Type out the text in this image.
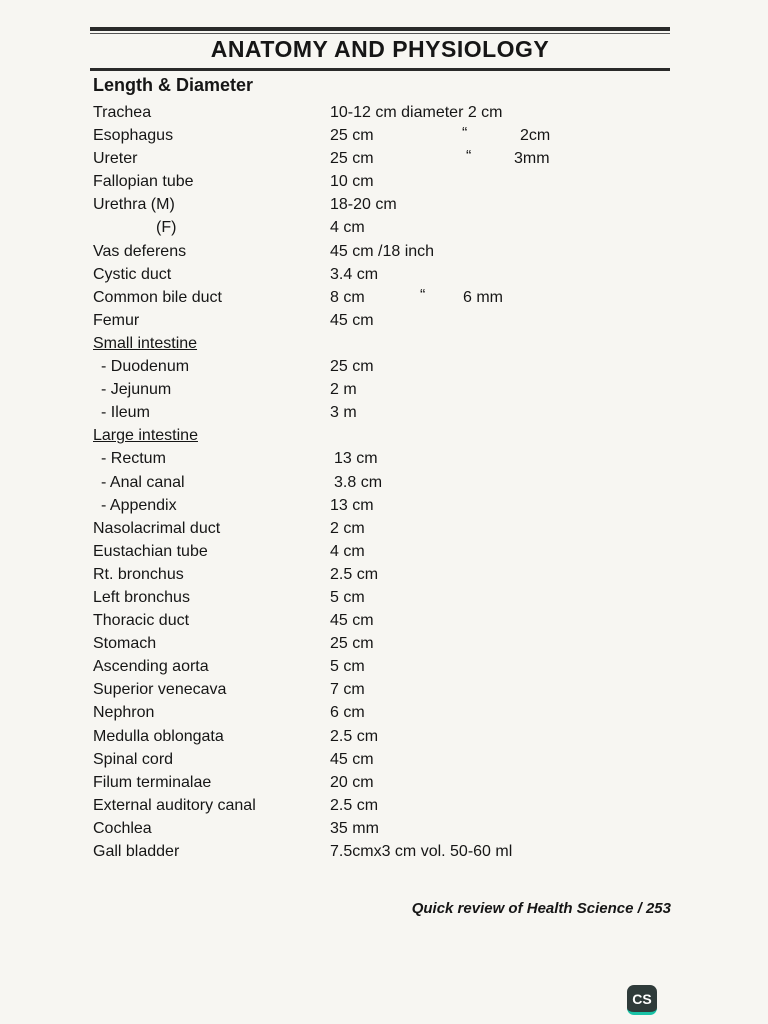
ANATOMY AND PHYSIOLOGY
Length & Diameter
Trachea	10-12 cm diameter 2 cm
Esophagus	25 cm	“	2cm
Ureter	25 cm	“	3mm
Fallopian tube	10 cm
Urethra (M)	18-20 cm
(F)	4 cm
Vas deferens	45 cm /18 inch
Cystic duct	3.4 cm
Common bile duct	8 cm	“ 6 mm
Femur	45 cm
Small intestine
- Duodenum	25 cm
- Jejunum	2 m
- Ileum	3 m
Large intestine
- Rectum	13 cm
- Anal canal	3.8 cm
- Appendix	13 cm
Nasolacrimal duct	2 cm
Eustachian tube	4 cm
Rt. bronchus	2.5 cm
Left bronchus	5 cm
Thoracic duct	45 cm
Stomach	25 cm
Ascending aorta	5 cm
Superior venecava	7 cm
Nephron	6 cm
Medulla oblongata	2.5 cm
Spinal cord	45 cm
Filum terminalae	20 cm
External auditory canal	2.5 cm
Cochlea	35 mm
Gall bladder	7.5cmx3 cm vol. 50-60 ml

Quick review of Health Science / 253

CS
